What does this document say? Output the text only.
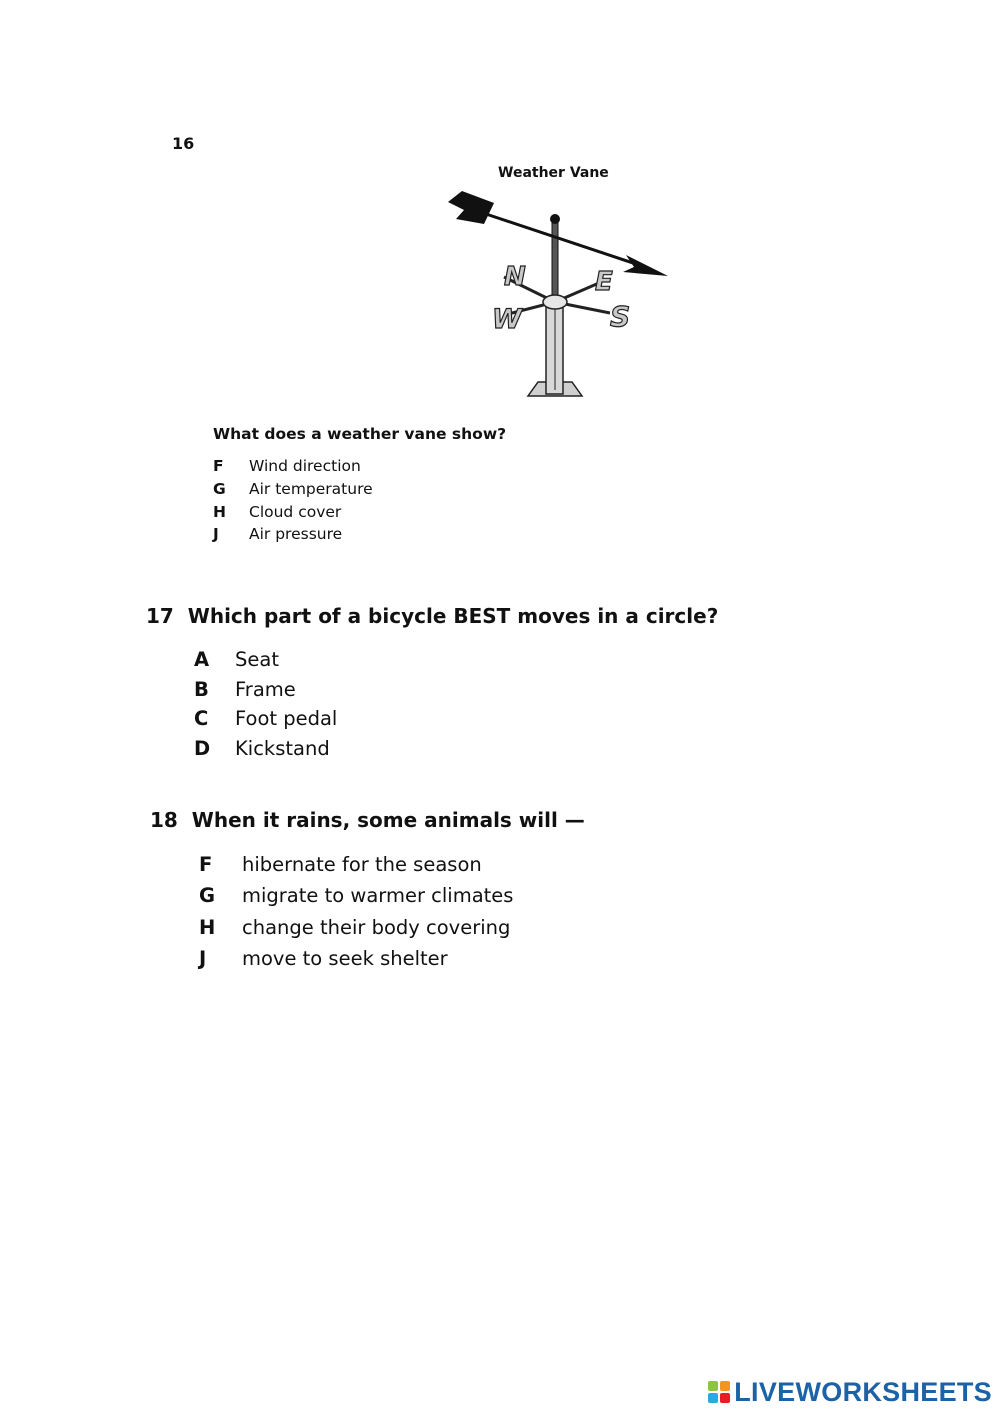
16
Weather Vane
N	E
W	S
What does a weather vane show?
F	Wind direction
G	Air temperature
H	Cloud cover
J	Air pressure
17 Which part of a bicycle BEST moves in a circle?
A	Seat
B	Frame
C	Foot pedal
D	Kickstand
18 When it rains, some animals will —
F	hibernate for the season
G	migrate to warmer climates
H	change their body covering
J	move to seek shelter
LIVEWORKSHEETS
